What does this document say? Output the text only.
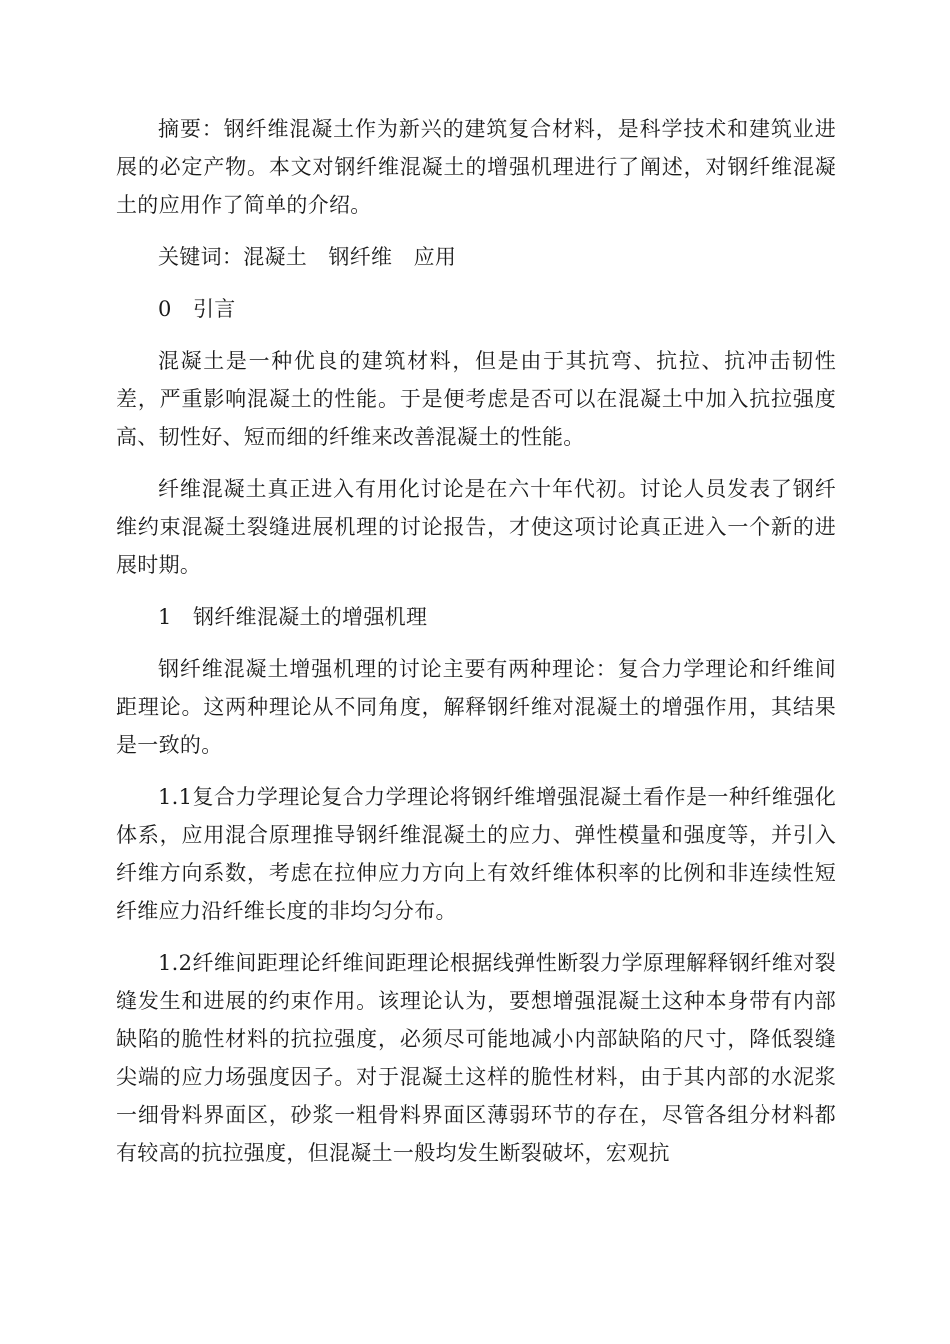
摘要：钢纤维混凝土作为新兴的建筑复合材料，是科学技术和建筑业进展的必定产物。本文对钢纤维混凝土的增强机理进行了阐述，对钢纤维混凝土的应用作了简单的介绍。

关键词：混凝土　钢纤维　应用

0　引言

混凝土是一种优良的建筑材料，但是由于其抗弯、抗拉、抗冲击韧性差，严重影响混凝土的性能。于是便考虑是否可以在混凝土中加入抗拉强度高、韧性好、短而细的纤维来改善混凝土的性能。

纤维混凝土真正进入有用化讨论是在六十年代初。讨论人员发表了钢纤维约束混凝土裂缝进展机理的讨论报告，才使这项讨论真正进入一个新的进展时期。

1　钢纤维混凝土的增强机理

钢纤维混凝土增强机理的讨论主要有两种理论：复合力学理论和纤维间距理论。这两种理论从不同角度，解释钢纤维对混凝土的增强作用，其结果是一致的。

1.1复合力学理论复合力学理论将钢纤维增强混凝土看作是一种纤维强化体系，应用混合原理推导钢纤维混凝土的应力、弹性模量和强度等，并引入纤维方向系数，考虑在拉伸应力方向上有效纤维体积率的比例和非连续性短纤维应力沿纤维长度的非均匀分布。

1.2纤维间距理论纤维间距理论根据线弹性断裂力学原理解释钢纤维对裂缝发生和进展的约束作用。该理论认为，要想增强混凝土这种本身带有内部缺陷的脆性材料的抗拉强度，必须尽可能地减小内部缺陷的尺寸，降低裂缝尖端的应力场强度因子。对于混凝土这样的脆性材料，由于其内部的水泥浆一细骨料界面区，砂浆一粗骨料界面区薄弱环节的存在，尽管各组分材料都有较高的抗拉强度，但混凝土一般均发生断裂破坏，宏观抗
